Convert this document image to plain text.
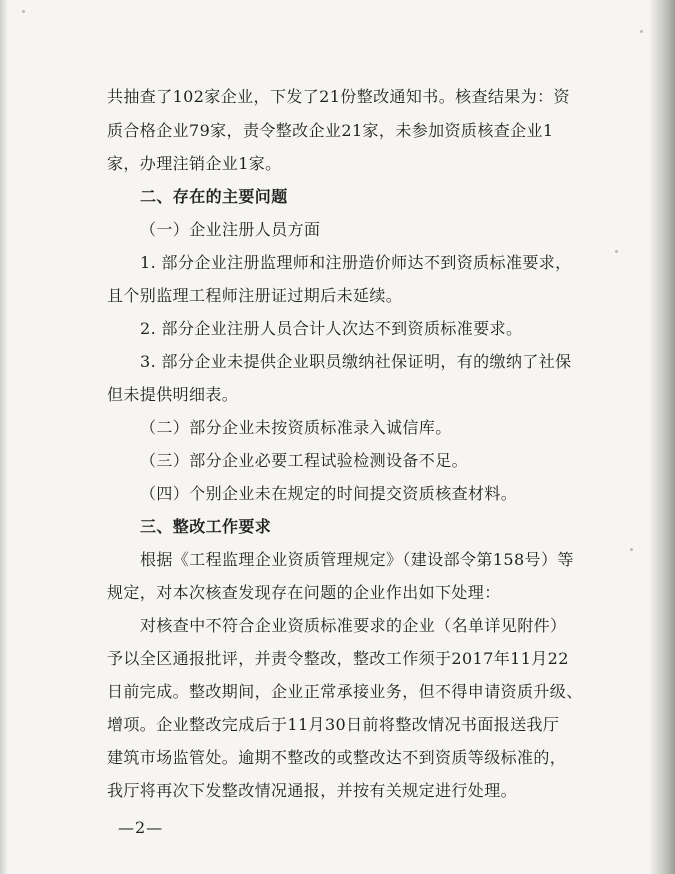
共抽查了102家企业，下发了21份整改通知书。核查结果为：资
质合格企业79家，责令整改企业21家，未参加资质核查企业1
家，办理注销企业1家。
二、存在的主要问题
（一）企业注册人员方面
1. 部分企业注册监理师和注册造价师达不到资质标准要求，
且个别监理工程师注册证过期后未延续。
2. 部分企业注册人员合计人次达不到资质标准要求。
3. 部分企业未提供企业职员缴纳社保证明，有的缴纳了社保
但未提供明细表。
（二）部分企业未按资质标准录入诚信库。
（三）部分企业必要工程试验检测设备不足。
（四）个别企业未在规定的时间提交资质核查材料。
三、整改工作要求
根据《工程监理企业资质管理规定》（建设部令第158号）等
规定，对本次核查发现存在问题的企业作出如下处理：
对核查中不符合企业资质标准要求的企业（名单详见附件）
予以全区通报批评，并责令整改，整改工作须于2017年11月22
日前完成。整改期间，企业正常承接业务，但不得申请资质升级、
增项。企业整改完成后于11月30日前将整改情况书面报送我厅
建筑市场监管处。逾期不整改的或整改达不到资质等级标准的，
我厅将再次下发整改情况通报，并按有关规定进行处理。
—2—
